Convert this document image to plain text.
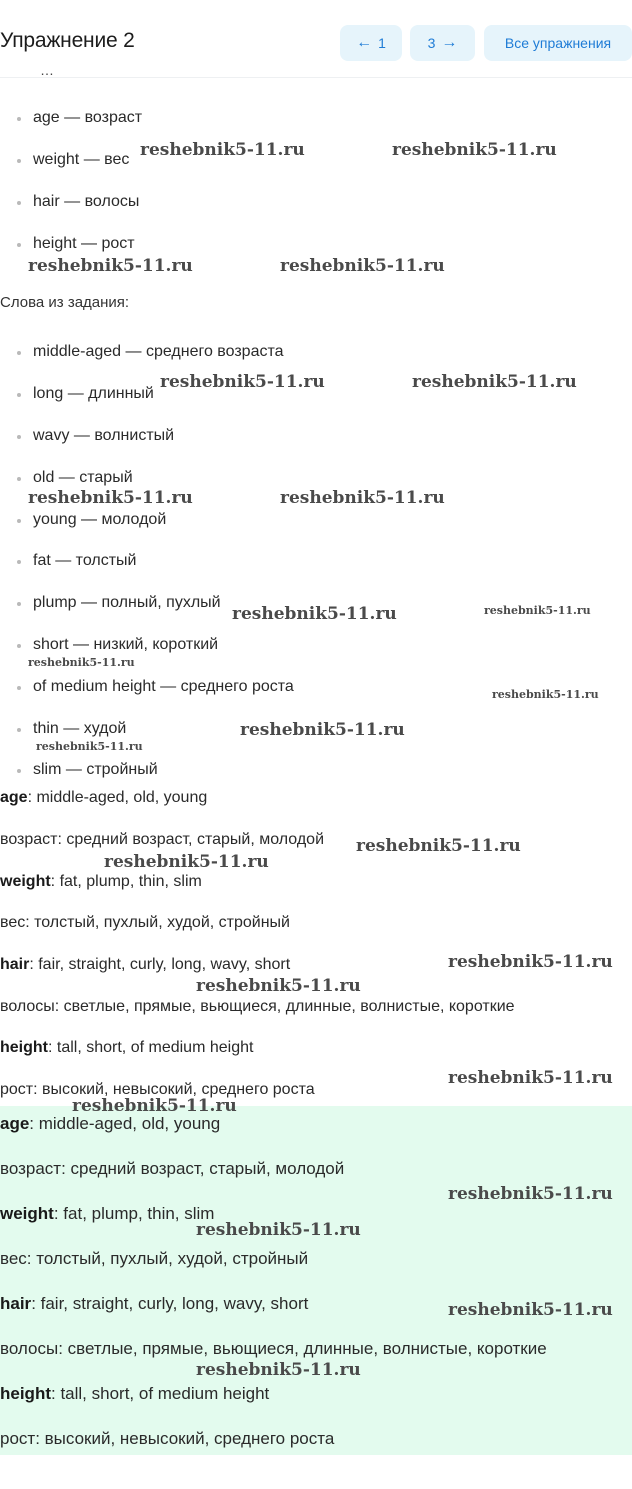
Упражнение 2	← 1	3 →	Все упражнения
…
age — возраст
weight — вес
hair — волосы
height — рост
Слова из задания:
middle-aged — среднего возраста
long — длинный
wavy — волнистый
old — старый
young — молодой
fat — толстый
plump — полный, пухлый
short — низкий, короткий
of medium height — среднего роста
thin — худой
slim — стройный
age: middle-aged, old, young
возраст: средний возраст, старый, молодой
weight: fat, plump, thin, slim
вес: толстый, пухлый, худой, стройный
hair: fair, straight, curly, long, wavy, short
волосы: светлые, прямые, вьющиеся, длинные, волнистые, короткие
height: tall, short, of medium height
рост: высокий, невысокий, среднего роста
age: middle-aged, old, young
возраст: средний возраст, старый, молодой
weight: fat, plump, thin, slim
вес: толстый, пухлый, худой, стройный
hair: fair, straight, curly, long, wavy, short
волосы: светлые, прямые, вьющиеся, длинные, волнистые, короткие
height: tall, short, of medium height
рост: высокий, невысокий, среднего роста
reshebnik5-11.ru	reshebnik5-11.ru
reshebnik5-11.ru	reshebnik5-11.ru
reshebnik5-11.ru	reshebnik5-11.ru
reshebnik5-11.ru	reshebnik5-11.ru
reshebnik5-11.ru	reshebnik5-11.ru
reshebnik5-11.ru
reshebnik5-11.ru
reshebnik5-11.ru
reshebnik5-11.ru
reshebnik5-11.ru
reshebnik5-11.ru
reshebnik5-11.ru
reshebnik5-11.ru
reshebnik5-11.ru
reshebnik5-11.ru
reshebnik5-11.ru
reshebnik5-11.ru
reshebnik5-11.ru
reshebnik5-11.ru
